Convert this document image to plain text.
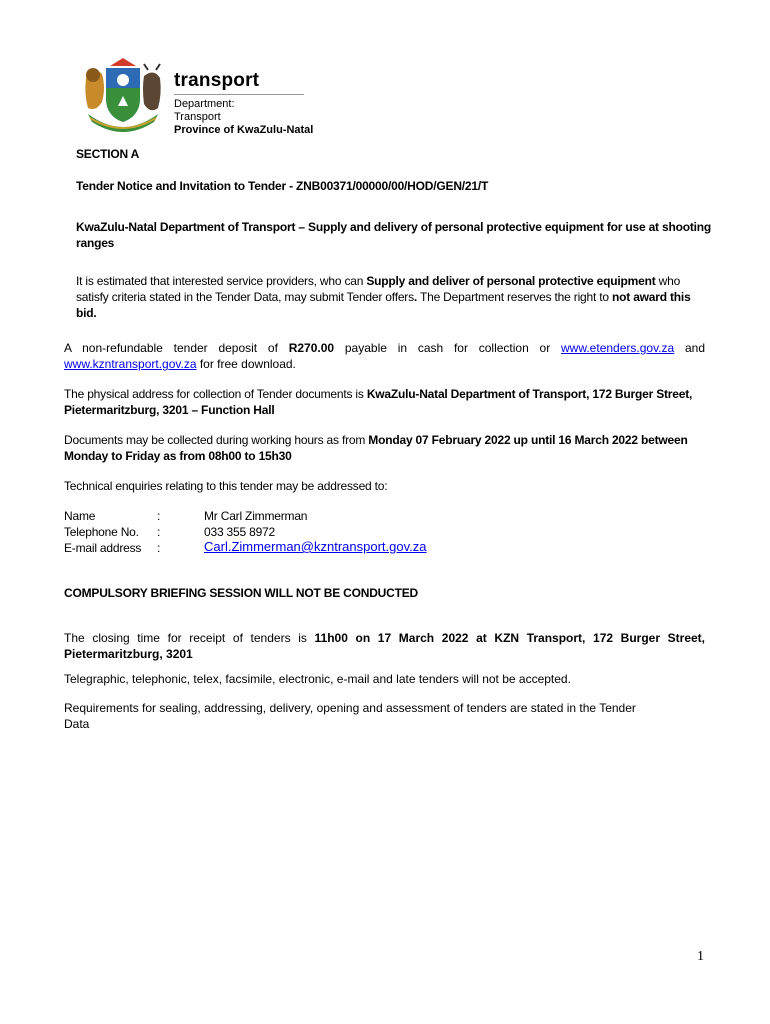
transport
Department:
Transport
Province of KwaZulu-Natal
SECTION A
Tender Notice and Invitation to Tender - ZNB00371/00000/00/HOD/GEN/21/T
KwaZulu-Natal Department of Transport – Supply and delivery of personal protective equipment for use at shooting
ranges
It is estimated that interested service providers, who can Supply and deliver of personal protective equipment who
satisfy criteria stated in the Tender Data, may submit Tender offers. The Department reserves the right to not award this
bid.
A non-refundable tender deposit of R270.00 payable in cash for collection or www.etenders.gov.za and
www.kzntransport.gov.za for free download.
The physical address for collection of Tender documents is KwaZulu-Natal Department of Transport, 172 Burger Street,
Pietermaritzburg, 3201 – Function Hall
Documents may be collected during working hours as from Monday 07 February 2022 up until 16 March 2022 between
Monday to Friday as from 08h00 to 15h30
Technical enquiries relating to this tender may be addressed to:
Name	:	Mr Carl Zimmerman
Telephone No. :	033 355 8972
E-mail address :	Carl.Zimmerman@kzntransport.gov.za
COMPULSORY BRIEFING SESSION WILL NOT BE CONDUCTED
The closing time for receipt of tenders is 11h00 on 17 March 2022 at KZN Transport, 172 Burger Street,
Pietermaritzburg, 3201
Telegraphic, telephonic, telex, facsimile, electronic, e-mail and late tenders will not be accepted.
Requirements for sealing, addressing, delivery, opening and assessment of tenders are stated in the Tender
Data
1
